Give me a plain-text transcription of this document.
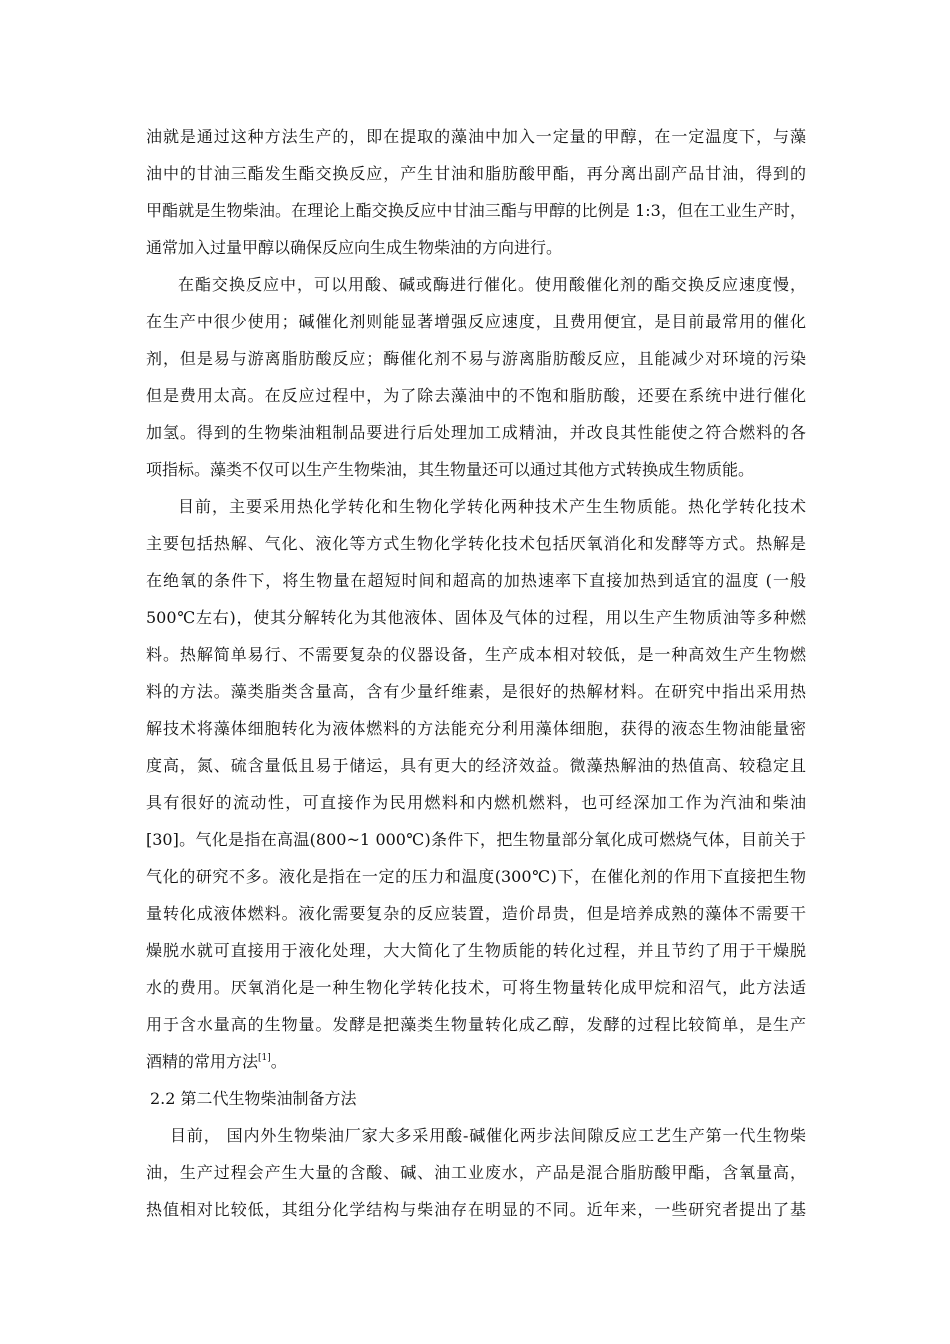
油就是通过这种方法生产的，即在提取的藻油中加入一定量的甲醇，在一定温度下，与藻
油中的甘油三酯发生酯交换反应，产生甘油和脂肪酸甲酯，再分离出副产品甘油，得到的
甲酯就是生物柴油。在理论上酯交换反应中甘油三酯与甲醇的比例是 1:3，但在工业生产时，
通常加入过量甲醇以确保反应向生成生物柴油的方向进行。
在酯交换反应中，可以用酸、碱或酶进行催化。使用酸催化剂的酯交换反应速度慢，
在生产中很少使用；碱催化剂则能显著增强反应速度，且费用便宜，是目前最常用的催化
剂，但是易与游离脂肪酸反应；酶催化剂不易与游离脂肪酸反应，且能减少对环境的污染
但是费用太高。在反应过程中，为了除去藻油中的不饱和脂肪酸，还要在系统中进行催化
加氢。得到的生物柴油粗制品要进行后处理加工成精油，并改良其性能使之符合燃料的各
项指标。藻类不仅可以生产生物柴油，其生物量还可以通过其他方式转换成生物质能。
目前，主要采用热化学转化和生物化学转化两种技术产生生物质能。热化学转化技术
主要包括热解、气化、液化等方式生物化学转化技术包括厌氧消化和发酵等方式。热解是
在绝氧的条件下，将生物量在超短时间和超高的加热速率下直接加热到适宜的温度 (一般
500℃左右)，使其分解转化为其他液体、固体及气体的过程，用以生产生物质油等多种燃
料。热解简单易行、不需要复杂的仪器设备，生产成本相对较低，是一种高效生产生物燃
料的方法。藻类脂类含量高，含有少量纤维素，是很好的热解材料。在研究中指出采用热
解技术将藻体细胞转化为液体燃料的方法能充分利用藻体细胞，获得的液态生物油能量密
度高，氮、硫含量低且易于储运，具有更大的经济效益。微藻热解油的热值高、较稳定且
具有很好的流动性，可直接作为民用燃料和内燃机燃料，也可经深加工作为汽油和柴油
[30]。气化是指在高温(800~1 000℃)条件下，把生物量部分氧化成可燃烧气体，目前关于
气化的研究不多。液化是指在一定的压力和温度(300℃)下，在催化剂的作用下直接把生物
量转化成液体燃料。液化需要复杂的反应装置，造价昂贵，但是培养成熟的藻体不需要干
燥脱水就可直接用于液化处理，大大简化了生物质能的转化过程，并且节约了用于干燥脱
水的费用。厌氧消化是一种生物化学转化技术，可将生物量转化成甲烷和沼气，此方法适
用于含水量高的生物量。发酵是把藻类生物量转化成乙醇，发酵的过程比较简单，是生产
酒精的常用方法[1]。
2.2 第二代生物柴油制备方法
目前， 国内外生物柴油厂家大多采用酸-碱催化两步法间隙反应工艺生产第一代生物柴
油，生产过程会产生大量的含酸、碱、油工业废水，产品是混合脂肪酸甲酯，含氧量高，
热值相对比较低，其组分化学结构与柴油存在明显的不同。近年来，一些研究者提出了基
